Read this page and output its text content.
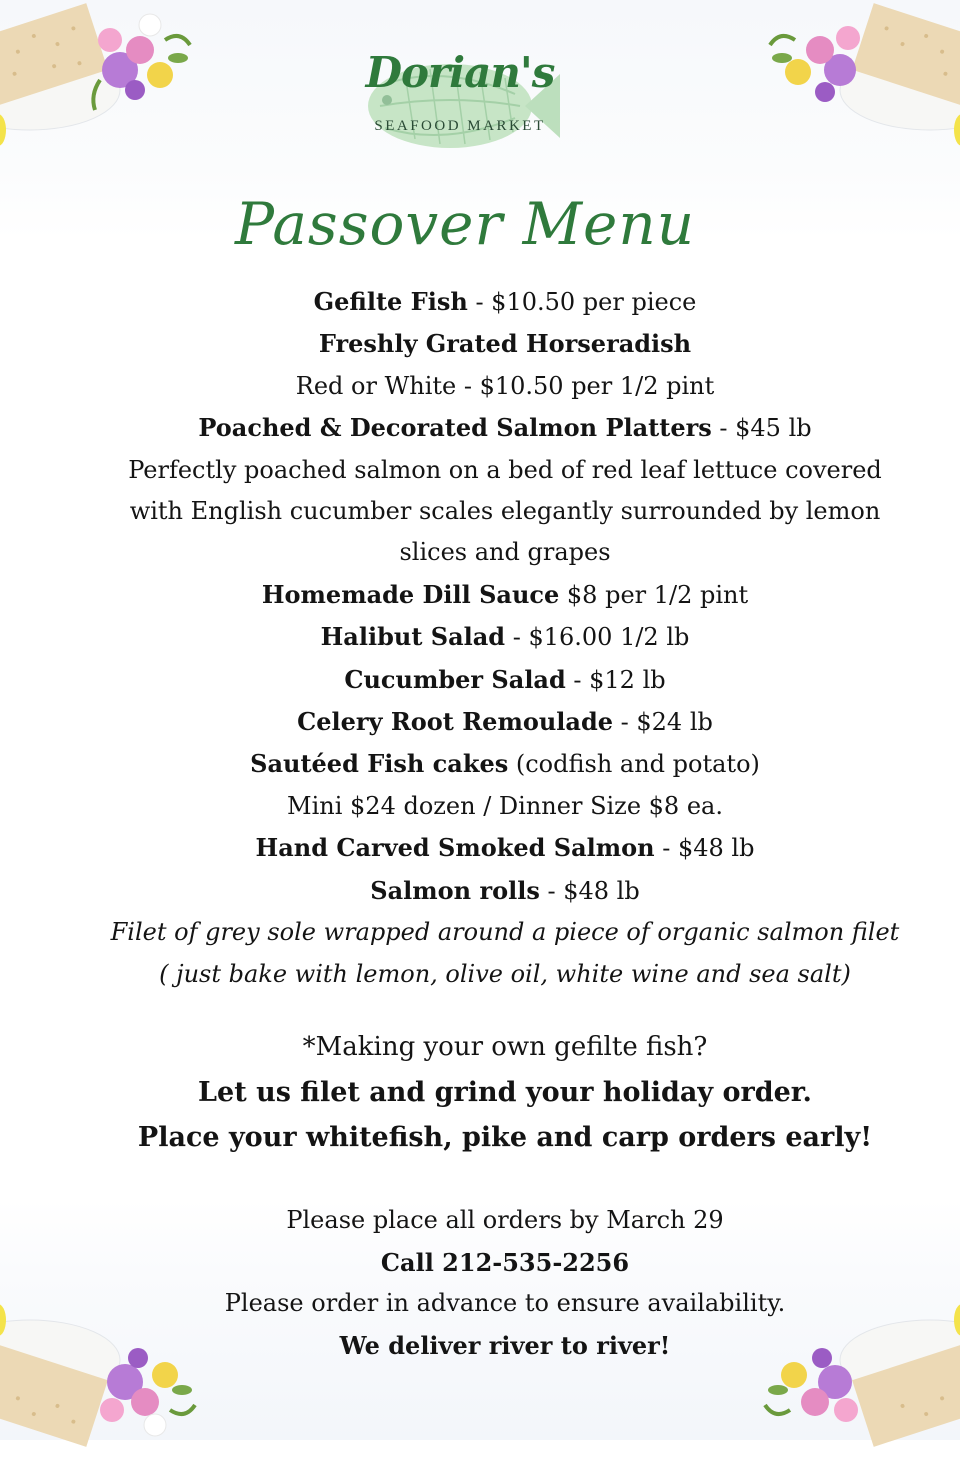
Dorian's
SEAFOOD MARKET
Passover Menu
Gefilte Fish - $10.50 per piece
Freshly Grated Horseradish
Red or White - $10.50 per 1/2 pint
Poached & Decorated Salmon Platters - $45 lb
Perfectly poached salmon on a bed of red leaf lettuce covered with English cucumber scales elegantly surrounded by lemon slices and grapes
Homemade Dill Sauce $8 per 1/2 pint
Halibut Salad - $16.00 1/2 lb
Cucumber Salad - $12 lb
Celery Root Remoulade - $24 lb
Sautéed Fish cakes (codfish and potato)
Mini $24 dozen / Dinner Size $8 ea.
Hand Carved Smoked Salmon - $48 lb
Salmon rolls - $48 lb
Filet of grey sole wrapped around a piece of organic salmon filet
( just bake with lemon, olive oil, white wine and sea salt)
*Making your own gefilte fish?
Let us filet and grind your holiday order.
Place your whitefish, pike and carp orders early!
Please place all orders by March 29
Call 212-535-2256
Please order in advance to ensure availability.
We deliver river to river!
